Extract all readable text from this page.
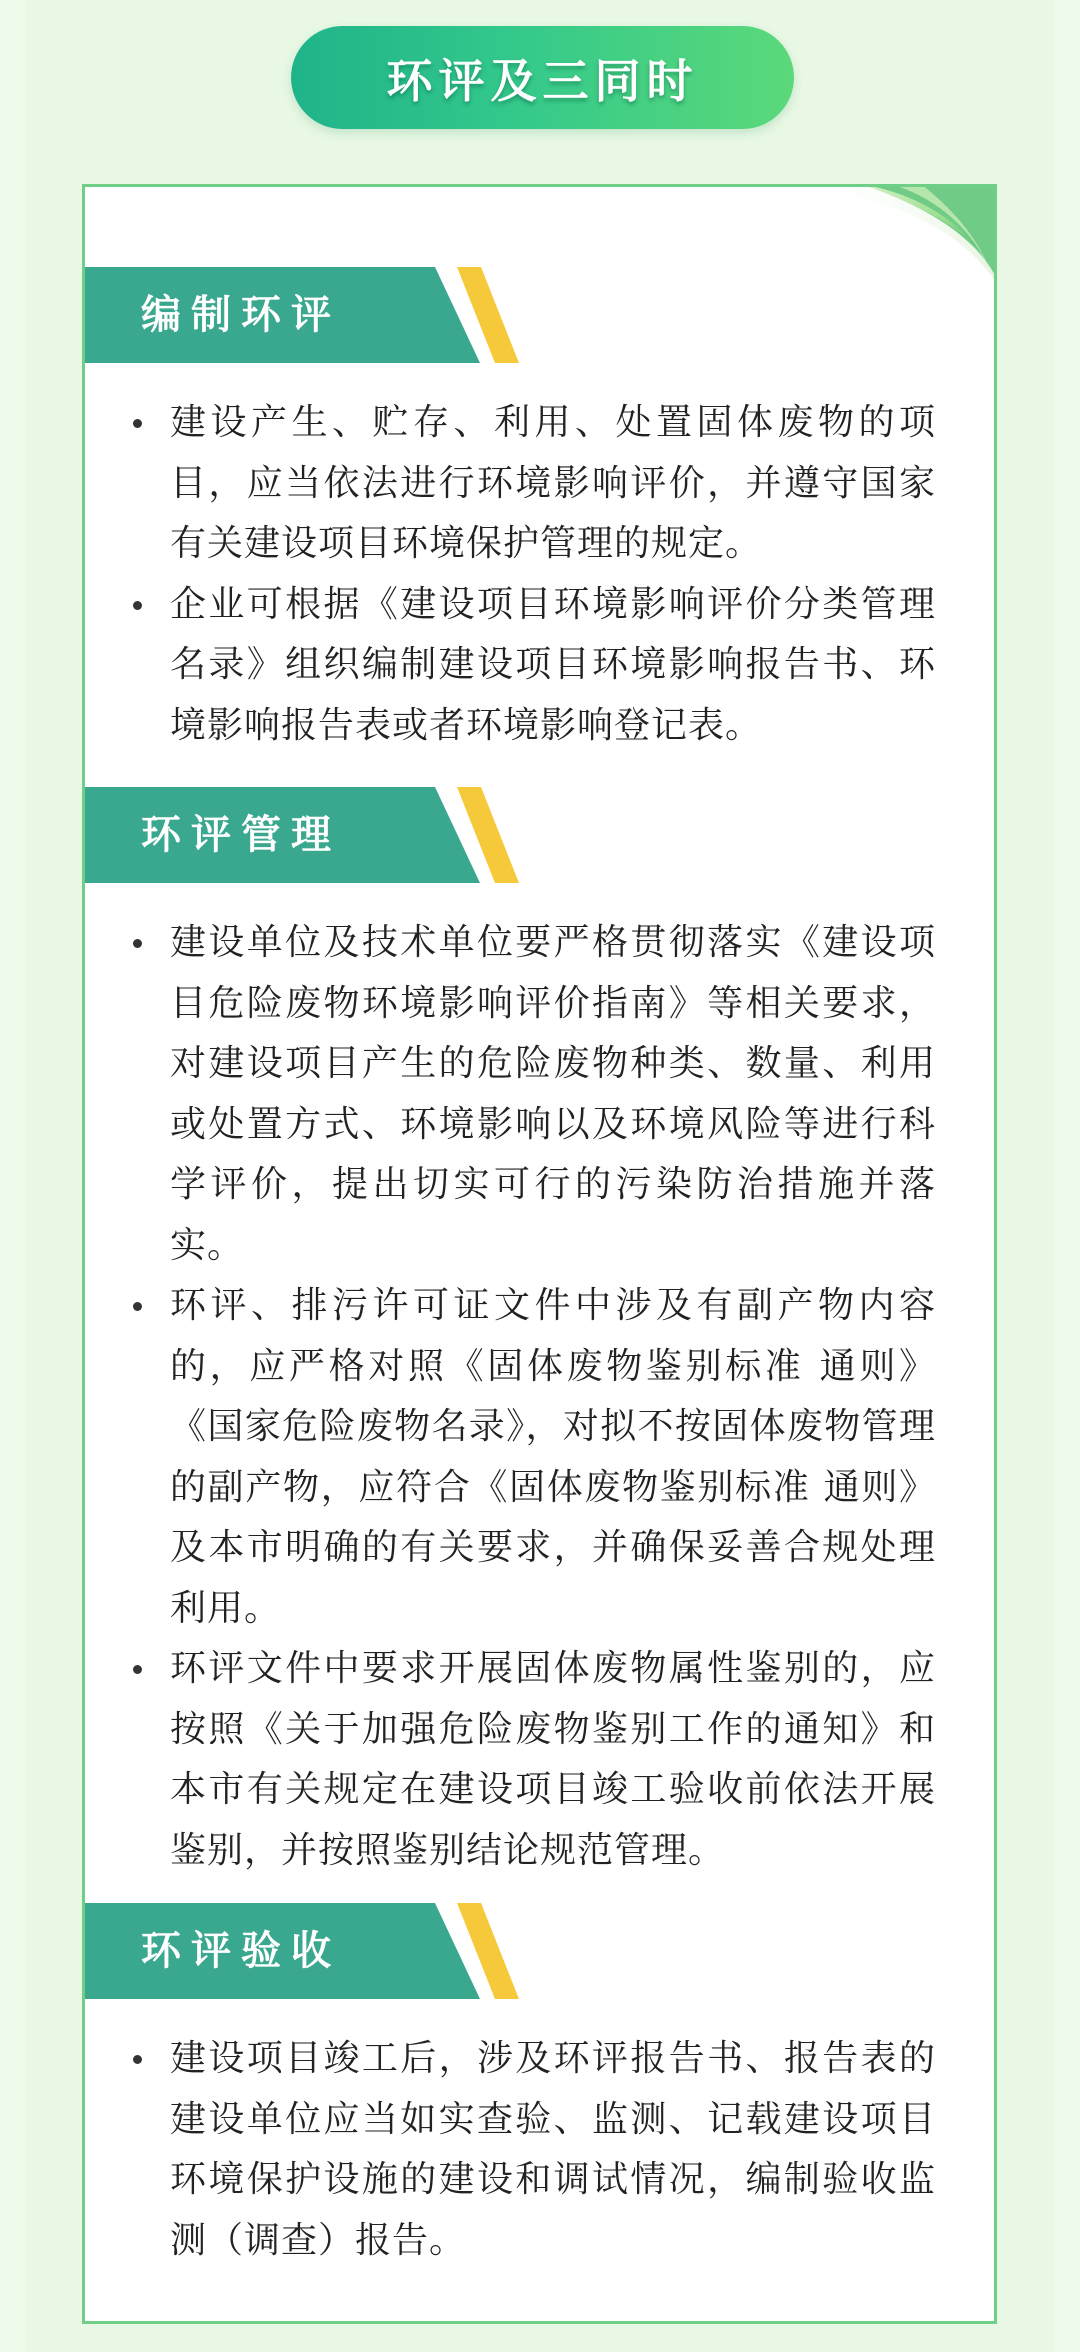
环评及三同时
编制环评
建设产生、贮存、利用、处置固体废物的项目，应当依法进行环境影响评价，并遵守国家有关建设项目环境保护管理的规定。
企业可根据《建设项目环境影响评价分类管理名录》组织编制建设项目环境影响报告书、环境影响报告表或者环境影响登记表。
环评管理
建设单位及技术单位要严格贯彻落实《建设项目危险废物环境影响评价指南》等相关要求，对建设项目产生的危险废物种类、数量、利用或处置方式、环境影响以及环境风险等进行科学评价，提出切实可行的污染防治措施并落实。
环评、排污许可证文件中涉及有副产物内容的，应严格对照《固体废物鉴别标准 通则》《国家危险废物名录》，对拟不按固体废物管理的副产物，应符合《固体废物鉴别标准 通则》及本市明确的有关要求，并确保妥善合规处理利用。
环评文件中要求开展固体废物属性鉴别的，应按照《关于加强危险废物鉴别工作的通知》和本市有关规定在建设项目竣工验收前依法开展鉴别，并按照鉴别结论规范管理。
环评验收
建设项目竣工后，涉及环评报告书、报告表的建设单位应当如实查验、监测、记载建设项目环境保护设施的建设和调试情况，编制验收监测（调查）报告。
